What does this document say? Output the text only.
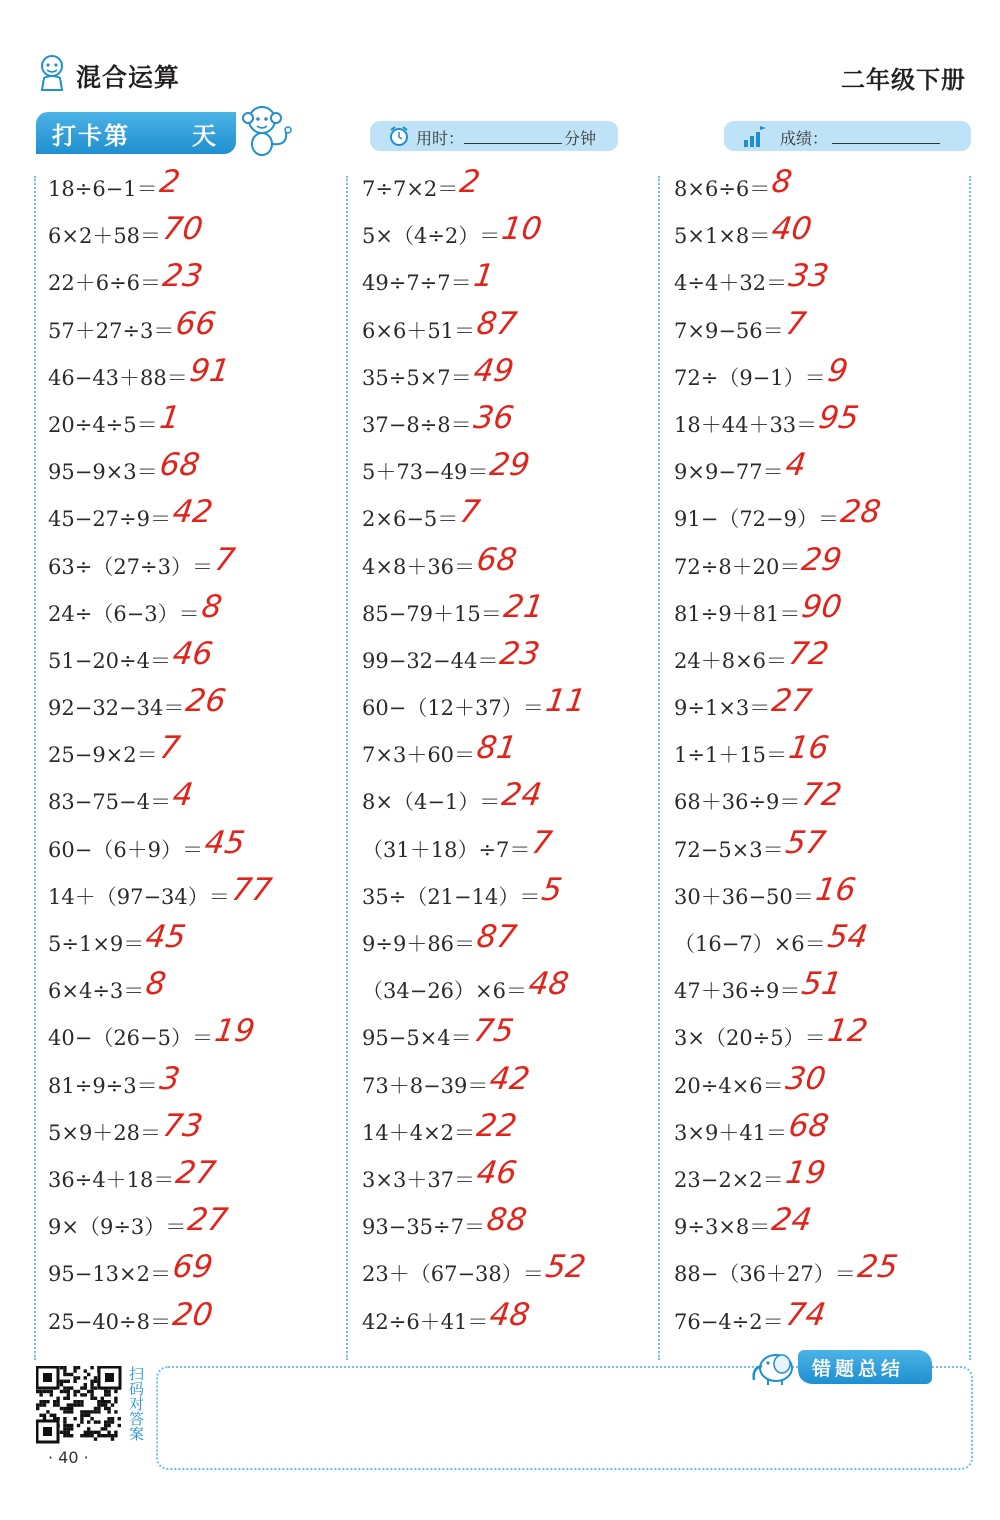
混合运算	二年级下册
打卡第	天	用时：	分钟	成绩：
18÷6−1＝ 2
6×2＋58＝ 70
22＋6÷6＝ 23
57＋27÷3＝ 66
46−43＋88＝ 91
20÷4÷5＝ 1
95−9×3＝ 68
45−27÷9＝ 42
63÷（27÷3）＝ 7
24÷（6−3）＝ 8
51−20÷4＝ 46
92−32−34＝ 26
25−9×2＝ 7
83−75−4＝ 4
60−（6＋9）＝ 45
14＋（97−34）＝ 77
5÷1×9＝ 45
6×4÷3＝ 8
40−（26−5）＝ 19
81÷9÷3＝ 3
5×9＋28＝ 73
36÷4＋18＝ 27
9×（9÷3）＝ 27
95−13×2＝ 69
25−40÷8＝ 20
7÷7×2＝ 2
5×（4÷2）＝ 10
49÷7÷7＝ 1
6×6＋51＝ 87
35÷5×7＝ 49
37−8÷8＝ 36
5＋73−49＝ 29
2×6−5＝ 7
4×8＋36＝ 68
85−79＋15＝ 21
99−32−44＝ 23
60−（12＋37）＝ 11
7×3＋60＝ 81
8×（4−1）＝ 24
（31＋18）÷7＝ 7
35÷（21−14）＝ 5
9÷9＋86＝ 87
（34−26）×6＝ 48
95−5×4＝ 75
73＋8−39＝ 42
14＋4×2＝ 22
3×3＋37＝ 46
93−35÷7＝ 88
23＋（67−38）＝ 52
42÷6＋41＝ 48
8×6÷6＝ 8
5×1×8＝ 40
4÷4＋32＝ 33
7×9−56＝ 7
72÷（9−1）＝ 9
18＋44＋33＝ 95
9×9−77＝ 4
91−（72−9）＝ 28
72÷8＋20＝ 29
81÷9＋81＝ 90
24＋8×6＝ 72
9÷1×3＝ 27
1÷1＋15＝ 16
68＋36÷9＝ 72
72−5×3＝ 57
30＋36−50＝ 16
（16−7）×6＝ 54
47＋36÷9＝ 51
3×（20÷5）＝ 12
20÷4×6＝ 30
3×9＋41＝ 68
23−2×2＝ 19
9÷3×8＝ 24
88−（36＋27）＝ 25
76−4÷2＝ 74
扫码对答案
· 40 ·
错题总结
